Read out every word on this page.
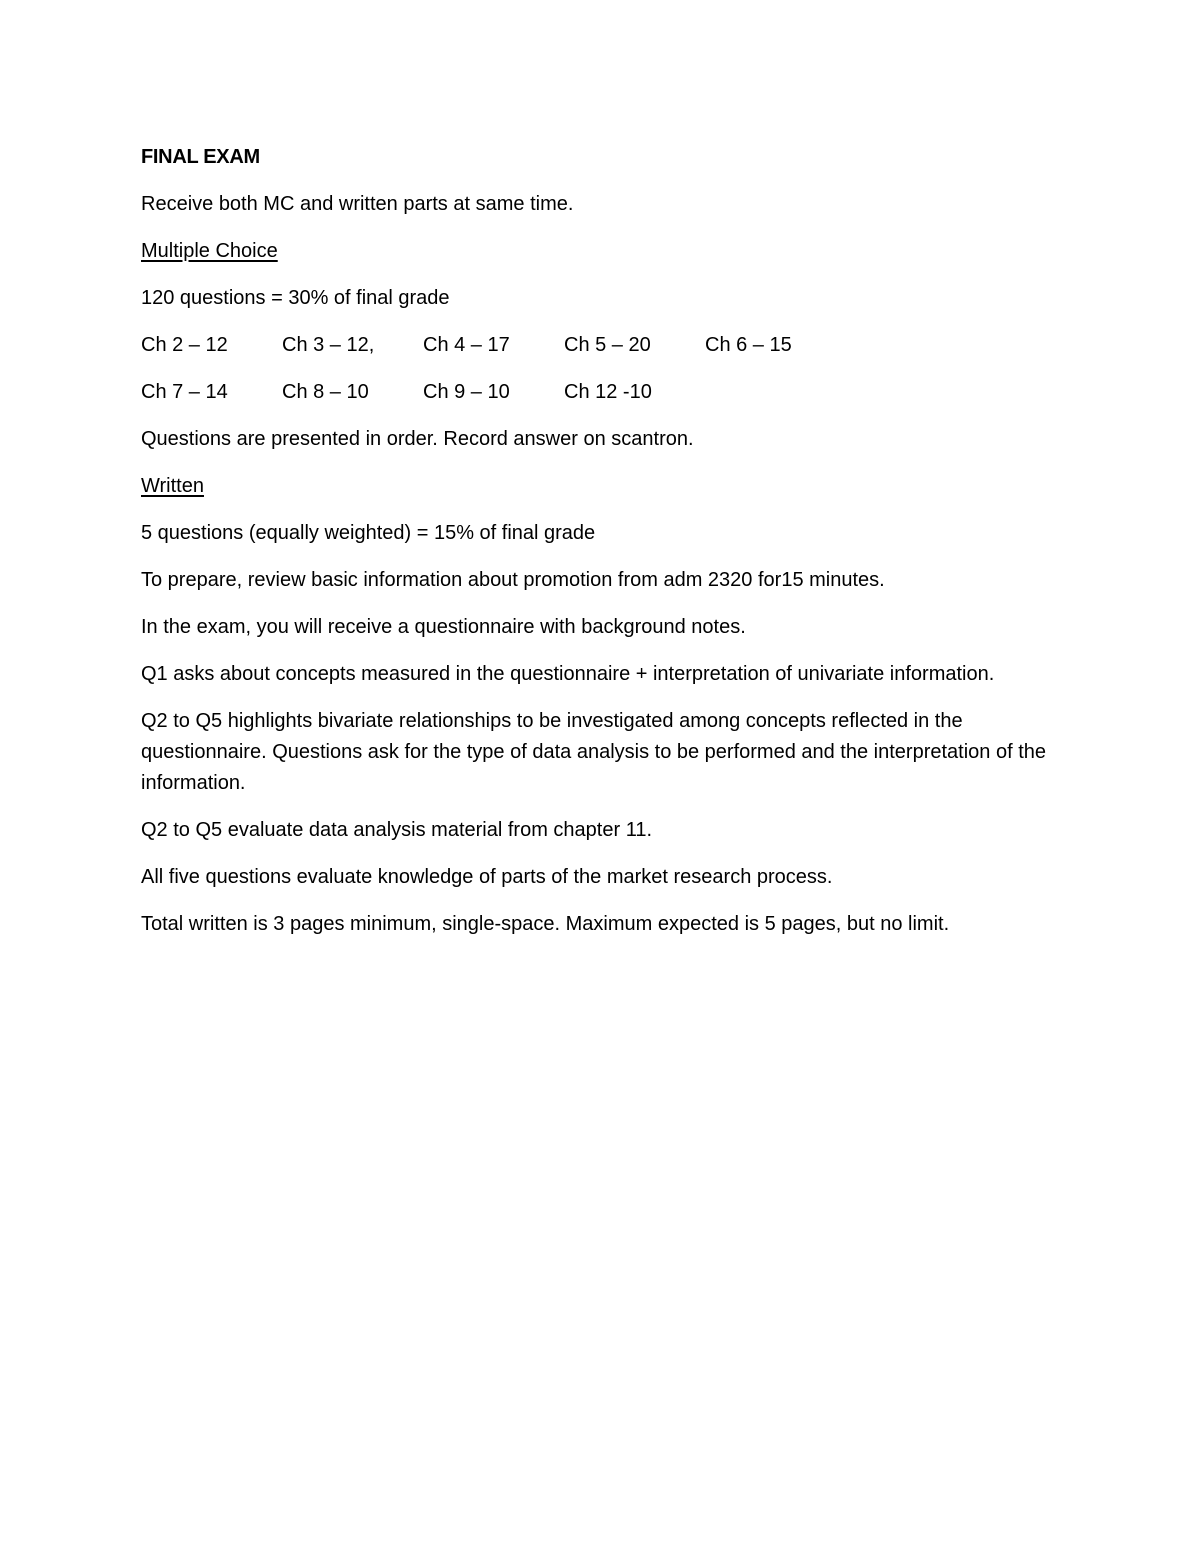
FINAL EXAM
Receive both MC and written parts at same time.
Multiple Choice
120 questions = 30% of final grade
Ch 2 – 12	Ch 3 – 12,	Ch 4 – 17	Ch 5 – 20	Ch 6 – 15
Ch 7 – 14	Ch 8 – 10	Ch 9 – 10	Ch 12 -10
Questions are presented in order. Record answer on scantron.
Written
5 questions (equally weighted) = 15% of final grade
To prepare, review basic information about promotion from adm 2320 for15 minutes.
In the exam, you will receive a questionnaire with background notes.
Q1 asks about concepts measured in the questionnaire + interpretation of univariate information.
Q2 to Q5 highlights bivariate relationships to be investigated among concepts reflected in the questionnaire. Questions ask for the type of data analysis to be performed and the interpretation of the information.
Q2 to Q5 evaluate data analysis material from chapter 11.
All five questions evaluate knowledge of parts of the market research process.
Total written is 3 pages minimum, single-space. Maximum expected is 5 pages, but no limit.
